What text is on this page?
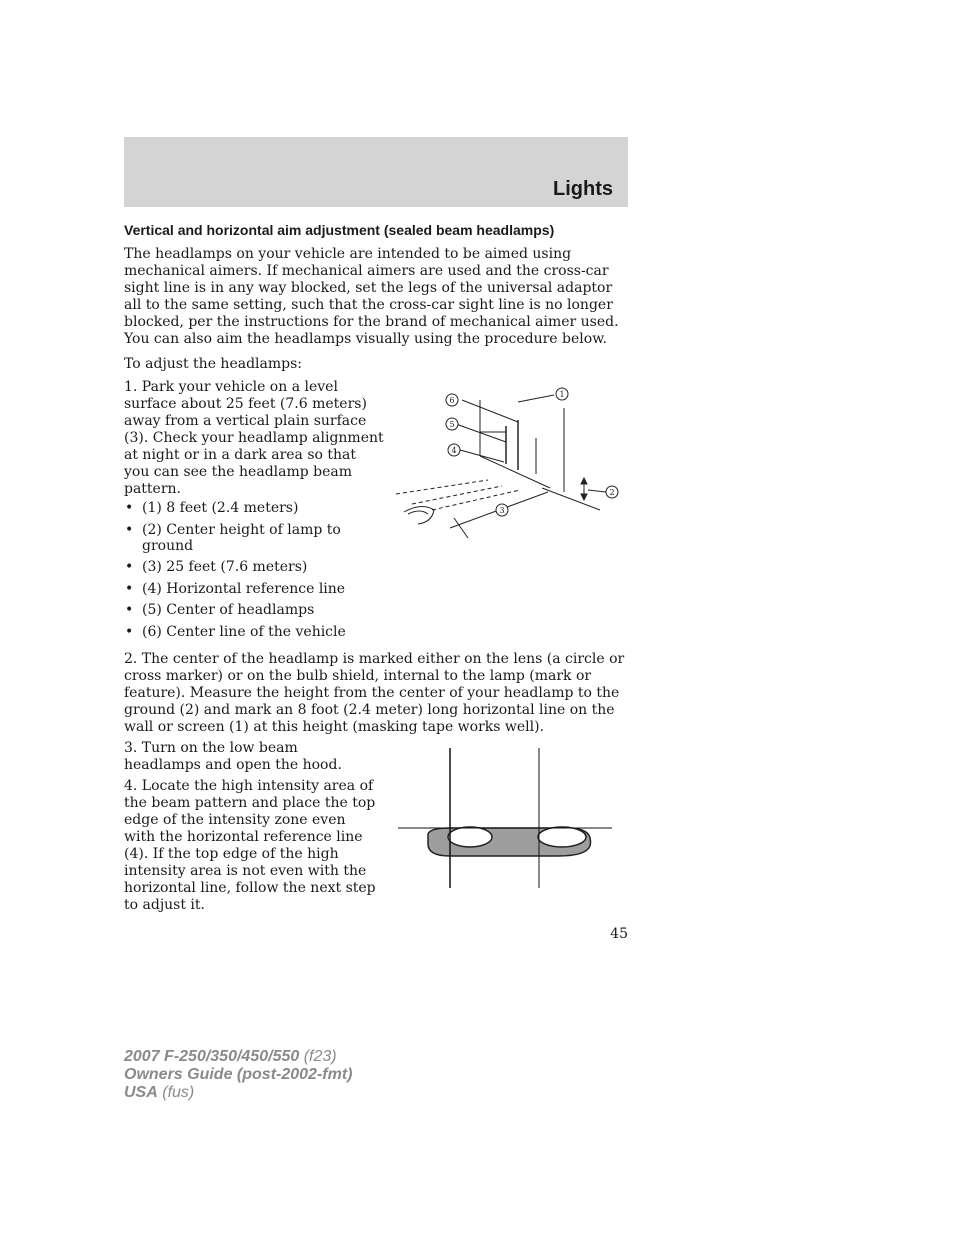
Lights
Vertical and horizontal aim adjustment (sealed beam headlamps)

The headlamps on your vehicle are intended to be aimed using mechanical aimers. If mechanical aimers are used and the cross-car sight line is in any way blocked, set the legs of the universal adaptor all to the same setting, such that the cross-car sight line is no longer blocked, per the instructions for the brand of mechanical aimer used. You can also aim the headlamps visually using the procedure below.

To adjust the headlamps:

1. Park your vehicle on a level surface about 25 feet (7.6 meters) away from a vertical plain surface (3). Check your headlamp alignment at night or in a dark area so that you can see the headlamp beam pattern.

• (1) 8 feet (2.4 meters)
• (2) Center height of lamp to ground
• (3) 25 feet (7.6 meters)
• (4) Horizontal reference line
• (5) Center of headlamps
• (6) Center line of the vehicle
1
2
3
4
5
6

2. The center of the headlamp is marked either on the lens (a circle or cross marker) or on the bulb shield, internal to the lamp (mark or feature). Measure the height from the center of your headlamp to the ground (2) and mark an 8 foot (2.4 meter) long horizontal line on the wall or screen (1) at this height (masking tape works well).

3. Turn on the low beam headlamps and open the hood.

4. Locate the high intensity area of the beam pattern and place the top edge of the intensity zone even with the horizontal reference line (4). If the top edge of the high intensity area is not even with the horizontal line, follow the next step to adjust it.

45
2007 F-250/350/450/550 (f23)
Owners Guide (post-2002-fmt)
USA (fus)
